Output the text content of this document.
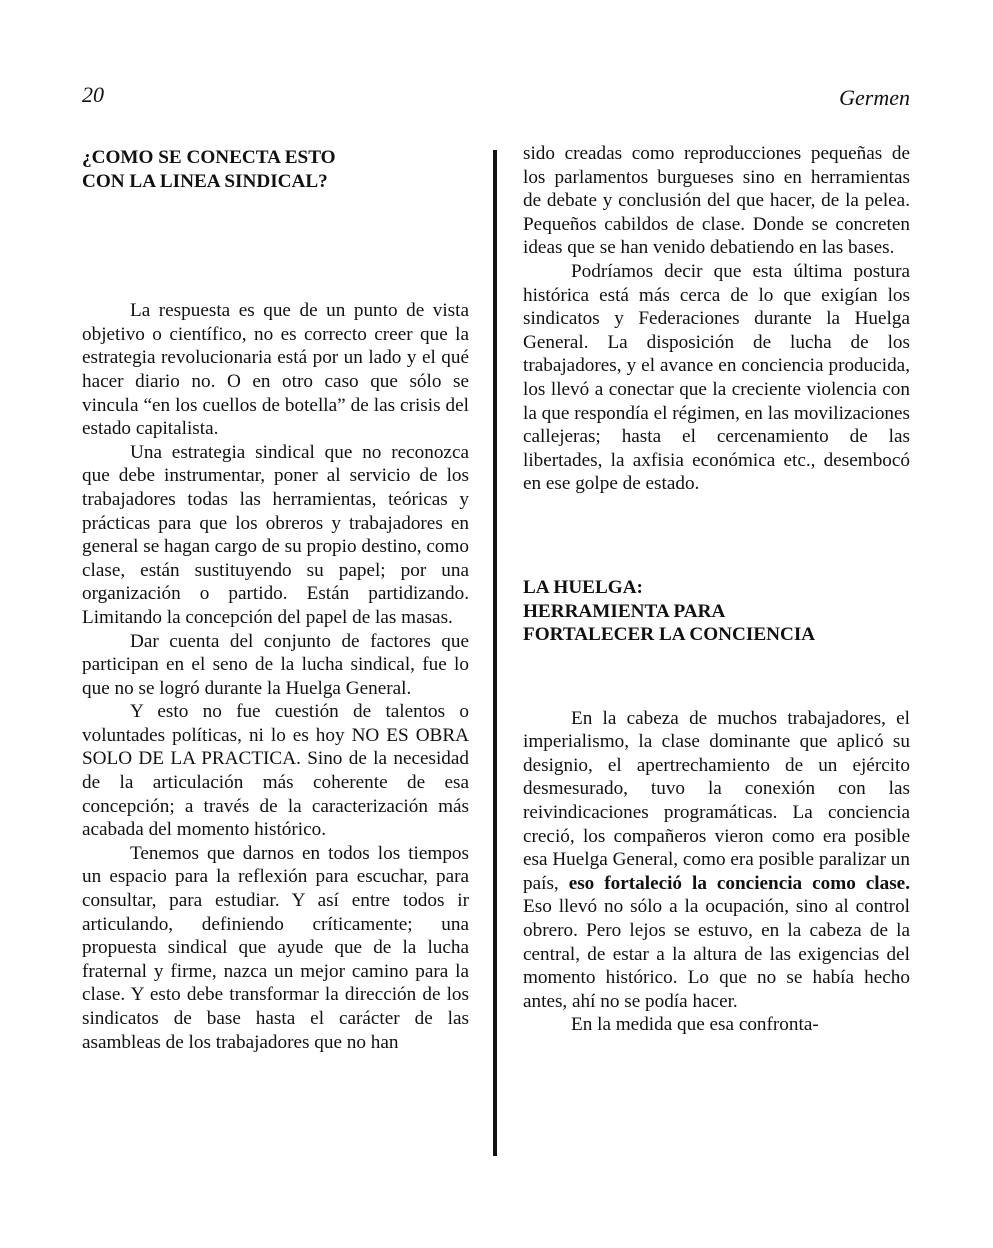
20	Germen
¿COMO SE CONECTA ESTO
CON LA LINEA SINDICAL?

La respuesta es que de un punto de vista objetivo o científico, no es correcto creer que la estrategia revolucionaria está por un lado y el qué hacer diario no. O en otro caso que sólo se vincula “en los cuellos de botella” de las crisis del estado capitalista.

Una estrategia sindical que no reconozca que debe instrumentar, poner al servicio de los trabajadores todas las herramientas, teóricas y prácticas para que los obreros y trabajadores en general se hagan cargo de su propio destino, como clase, están sustituyendo su papel; por una organización o partido. Están partidizando. Limitando la concepción del papel de las masas.

Dar cuenta del conjunto de factores que participan en el seno de la lucha sindical, fue lo que no se logró durante la Huelga General.

Y esto no fue cuestión de talentos o voluntades políticas, ni lo es hoy NO ES OBRA SOLO DE LA PRACTICA. Sino de la necesidad de la articulación más coherente de esa concepción; a través de la caracterización más acabada del momento histórico.

Tenemos que darnos en todos los tiempos un espacio para la reflexión para escuchar, para consultar, para estudiar. Y así entre todos ir articulando, definiendo críticamente; una propuesta sindical que ayude que de la lucha fraternal y firme, nazca un mejor camino para la clase. Y esto debe transformar la dirección de los sindicatos de base hasta el carácter de las asambleas de los trabajadores que no han

sido creadas como reproducciones pequeñas de los parlamentos burgueses sino en herramientas de debate y conclusión del que hacer, de la pelea. Pequeños cabildos de clase. Donde se concreten ideas que se han venido debatiendo en las bases.

Podríamos decir que esta última postura histórica está más cerca de lo que exigían los sindicatos y Federaciones durante la Huelga General. La disposición de lucha de los trabajadores, y el avance en conciencia producida, los llevó a conectar que la creciente violencia con la que respondía el régimen, en las movilizaciones callejeras; hasta el cercenamiento de las libertades, la axfisia económica etc., desembocó en ese golpe de estado.

LA HUELGA:
HERRAMIENTA PARA
FORTALECER LA CONCIENCIA

En la cabeza de muchos trabajadores, el imperialismo, la clase dominante que aplicó su designio, el apertrechamiento de un ejército desmesurado, tuvo la conexión con las reivindicaciones programáticas. La conciencia creció, los compañeros vieron como era posible esa Huelga General, como era posible paralizar un país, eso fortaleció la conciencia como clase. Eso llevó no sólo a la ocupación, sino al control obrero. Pero lejos se estuvo, en la cabeza de la central, de estar a la altura de las exigencias del momento histórico. Lo que no se había hecho antes, ahí no se podía hacer.

En la medida que esa confronta-
